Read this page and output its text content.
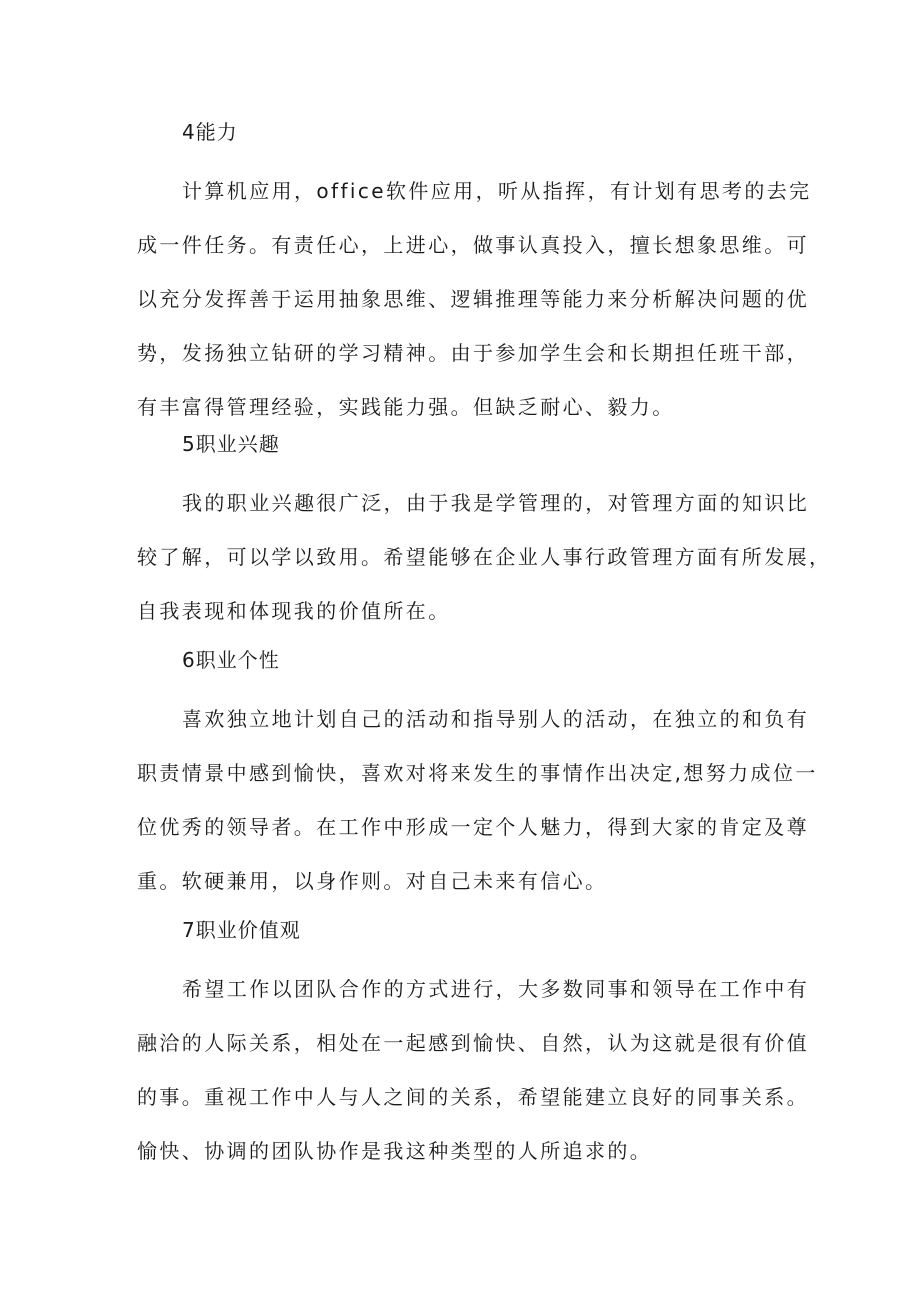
4能力
计算机应用，office软件应用，听从指挥，有计划有思考的去完
成一件任务。有责任心，上进心，做事认真投入，擅长想象思维。可
以充分发挥善于运用抽象思维、逻辑推理等能力来分析解决问题的优
势，发扬独立钻研的学习精神。由于参加学生会和长期担任班干部，
有丰富得管理经验，实践能力强。但缺乏耐心、毅力。
5职业兴趣
我的职业兴趣很广泛，由于我是学管理的，对管理方面的知识比
较了解，可以学以致用。希望能够在企业人事行政管理方面有所发展，
自我表现和体现我的价值所在。
6职业个性
喜欢独立地计划自己的活动和指导别人的活动，在独立的和负有
职责情景中感到愉快，喜欢对将来发生的事情作出决定,想努力成位一
位优秀的领导者。在工作中形成一定个人魅力，得到大家的肯定及尊
重。软硬兼用，以身作则。对自己未来有信心。
7职业价值观
希望工作以团队合作的方式进行，大多数同事和领导在工作中有
融洽的人际关系，相处在一起感到愉快、自然，认为这就是很有价值
的事。重视工作中人与人之间的关系，希望能建立良好的同事关系。
愉快、协调的团队协作是我这种类型的人所追求的。
